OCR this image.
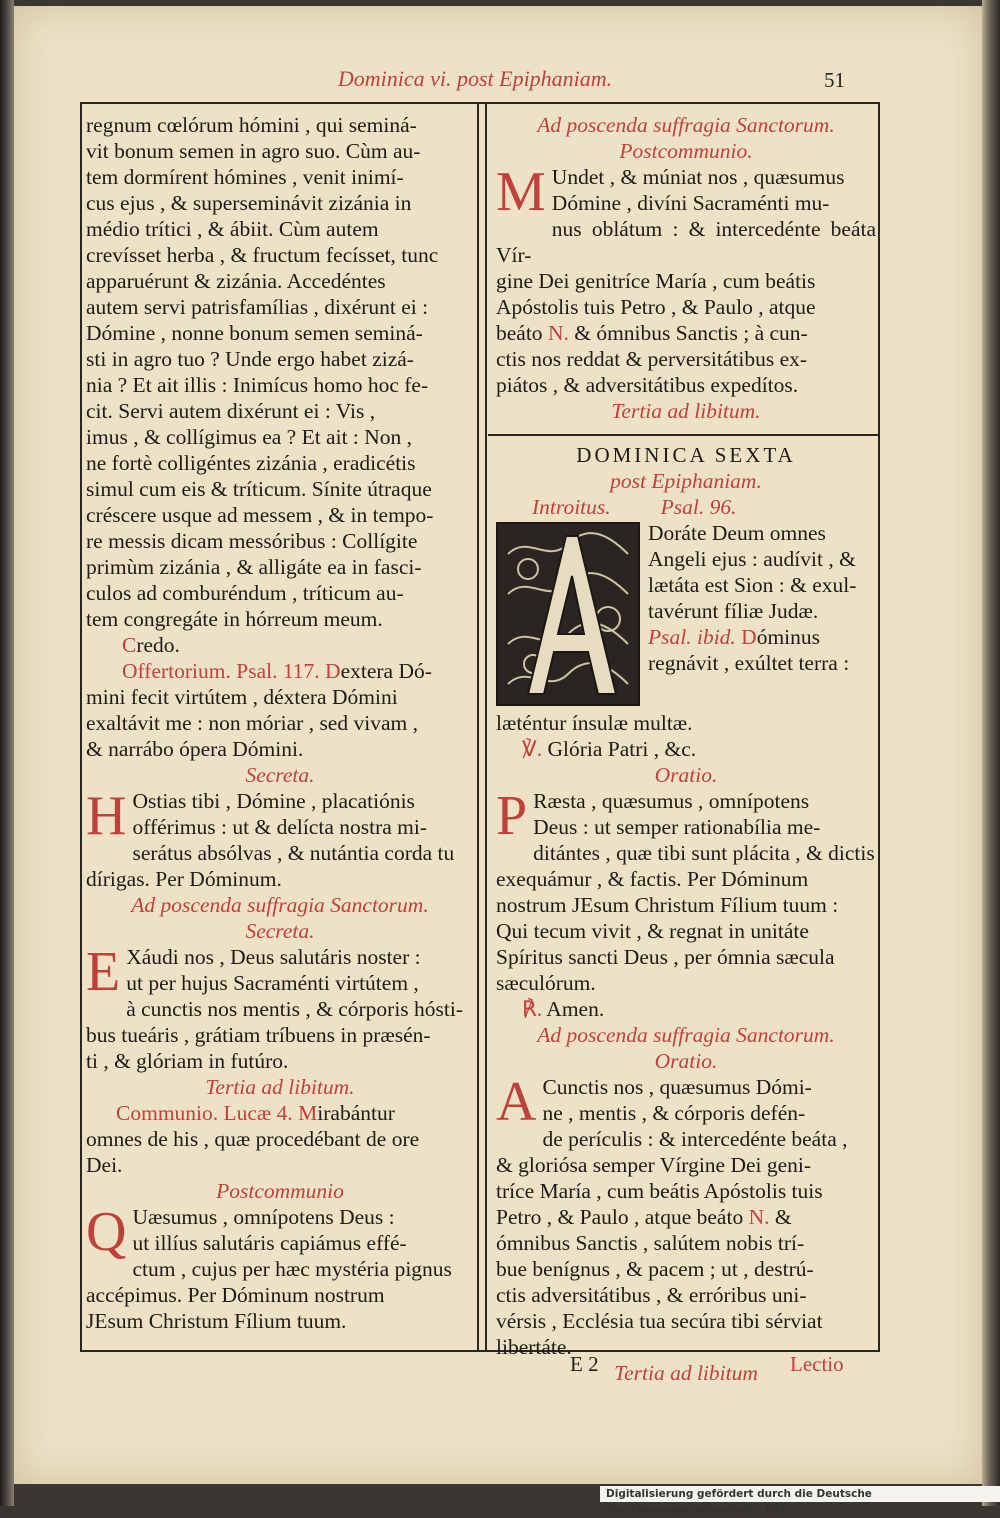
Dominica vi. post Epiphaniam.	51

regnum cœlórum hómini , qui seminá-

vit bonum semen in agro suo. Cùm au-

tem dormírent hómines , venit inimí-

cus ejus , & superseminávit zizánia in

médio trítici , & ábiit. Cùm autem

crevísset herba , & fructum fecísset, tunc

apparuérunt & zizánia. Accedéntes

autem servi patrisfamílias , dixérunt ei :

Dómine , nonne bonum semen seminá-

sti in agro tuo ? Unde ergo habet zizá-

nia ? Et ait illis : Inimícus homo hoc fe-

cit. Servi autem dixérunt ei : Vis ,

imus , & collígimus ea ? Et ait : Non ,

ne fortè colligéntes zizánia , eradicétis

simul cum eis & tríticum. Sínite útraque

créscere usque ad messem , & in tempo-

re messis dicam messóribus : Collígite

primùm zizánia , & alligáte ea in fasci-

culos ad comburéndum , tríticum au-

tem congregáte in hórreum meum.

Credo.

Offertorium. Psal. 117. Dextera Dó-

mini fecit virtútem , déxtera Dómini

exaltávit me : non móriar , sed vivam ,

& narrábo ópera Dómini.

Secreta.

H Ostias tibi , Dómine , placatiónis

offérimus : ut & delícta nostra mi-

serátus absólvas , & nutántia corda tu

dírigas. Per Dóminum.

Ad poscenda suffragia Sanctorum.

Secreta.

E Xáudi nos , Deus salutáris noster :

ut per hujus Sacraménti virtútem ,

à cunctis nos mentis , & córporis hósti-

bus tueáris , grátiam tríbuens in præsén-

ti , & glóriam in futúro.

Tertia ad libitum.

Communio. Lucæ 4. Mirabántur

omnes de his , quæ procedébant de ore

Dei.

Postcommunio

Q Uæsumus , omnípotens Deus :

ut illíus salutáris capiámus effé-

ctum , cujus per hæc mystéria pignus

accépimus. Per Dóminum nostrum

JEsum Christum Fílium tuum.

Ad poscenda suffragia Sanctorum.

Postcommunio.

M Undet , & múniat nos , quæsumus

Dómine , divíni Sacraménti mu-

nus oblátum : & intercedénte beáta Vír-

gine Dei genitríce María , cum beátis

Apóstolis tuis Petro , & Paulo , atque

beáto N. & ómnibus Sanctis ; à cun-

ctis nos reddat & perversitátibus ex-

piátos , & adversitátibus expedítos.

Tertia ad libitum.

DOMINICA SEXTA

post Epiphaniam.

Introitus. Psal. 96.

Doráte Deum omnes

Angeli ejus : audívit , &

lætáta est Sion : & exul-

tavérunt fíliæ Judæ.

Psal. ibid. Dóminus

regnávit , exúltet terra :

læténtur ínsulæ multæ.

℣. Glória Patri , &c.

Oratio.

P Ræsta , quæsumus , omnípotens

Deus : ut semper rationabília me-

ditántes , quæ tibi sunt plácita , & dictis

exequámur , & factis. Per Dóminum

nostrum JEsum Christum Fílium tuum :

Qui tecum vivit , & regnat in unitáte

Spíritus sancti Deus , per ómnia sæcula

sæculórum.

℟. Amen.

Ad poscenda suffragia Sanctorum.

Oratio.

A Cunctis nos , quæsumus Dómi-

ne , mentis , & córporis defén-

de perículis : & intercedénte beáta ,

& gloriósa semper Vírgine Dei geni-

tríce María , cum beátis Apóstolis tuis

Petro , & Paulo , atque beáto N. &

ómnibus Sanctis , salútem nobis trí-

bue benígnus , & pacem ; ut , destrú-

ctis adversitátibus , & erróribus uni-

vérsis , Ecclésia tua secúra tibi sérviat

libertáte.

Tertia ad libitum

E 2	Lectio
Digitalisierung gefördert durch die Deutsche Forschungsgemeinschaft · DFG
